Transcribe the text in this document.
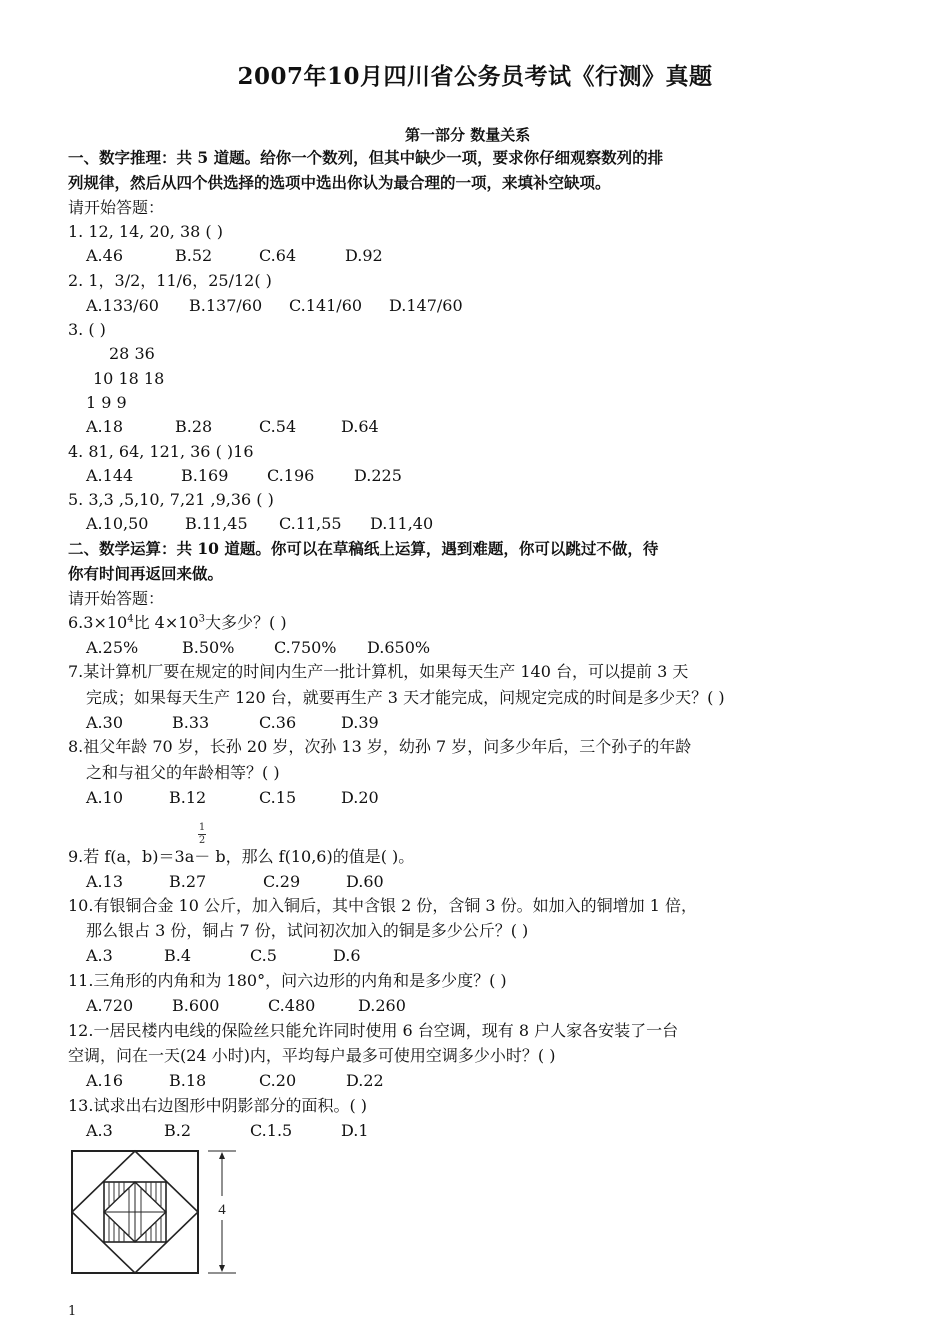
2007年10月四川省公务员考试《行测》真题
第一部分 数量关系
一、数字推理：共 5 道题。给你一个数列，但其中缺少一项，要求你仔细观察数列的排
列规律，然后从四个供选择的选项中选出你认为最合理的一项，来填补空缺项。
请开始答题：
1. 12, 14, 20, 38 ( )
A.46	B.52	C.64	D.92
2. 1，3/2，11/6，25/12( )
A.133/60 B.137/60 C.141/60 D.147/60
3. ( )
28 36
10 18 18
1 9 9
A.18	B.28	C.54	D.64
4. 81, 64, 121, 36 ( )16
A.144	B.169 C.196 D.225
5. 3,3 ,5,10, 7,21 ,9,36 ( )
A.10,50 B.11,45 C.11,55 D.11,40
二、数学运算：共 10 道题。你可以在草稿纸上运算，遇到难题，你可以跳过不做，待
你有时间再返回来做。
请开始答题：
$6.3\times 10^4$比 $4\times 10^3$大多少？( )
A.25%	B.50% C.750% D.650%
7.某计算机厂要在规定的时间内生产一批计算机，如果每天生产 140 台，可以提前 3 天
完成；如果每天生产 120 台，就要再生产 3 天才能完成，问规定完成的时间是多少天？( )
A.30	B.33	C.36	D.39
8.祖父年龄 70 岁，长孙 20 岁，次孙 13 岁，幼孙 7 岁，问多少年后，三个孙子的年龄
之和与祖父的年龄相等？( )
A.10	B.12	C.15	D.20
1
2
9.若 f(a，b)＝3a－ b，那么 f(10,6)的值是( )。
A.13	B.27	C.29	D.60
10.有银铜合金 10 公斤，加入铜后，其中含银 2 份，含铜 3 份。如加入的铜增加 1 倍，
那么银占 3 份，铜占 7 份，试问初次加入的铜是多少公斤？( )
A.3	B.4	C.5	D.6
11.三角形的内角和为 180°，问六边形的内角和是多少度？( )
A.720 B.600	C.480	D.260
12.一居民楼内电线的保险丝只能允许同时使用 6 台空调，现有 8 户人家各安装了一台
空调，问在一天(24 小时)内，平均每户最多可使用空调多少小时？( )
A.16	B.18	C.20	D.22
13.试求出右边图形中阴影部分的面积。( )
A.3	B.2	C.1.5	D.1
4
1
